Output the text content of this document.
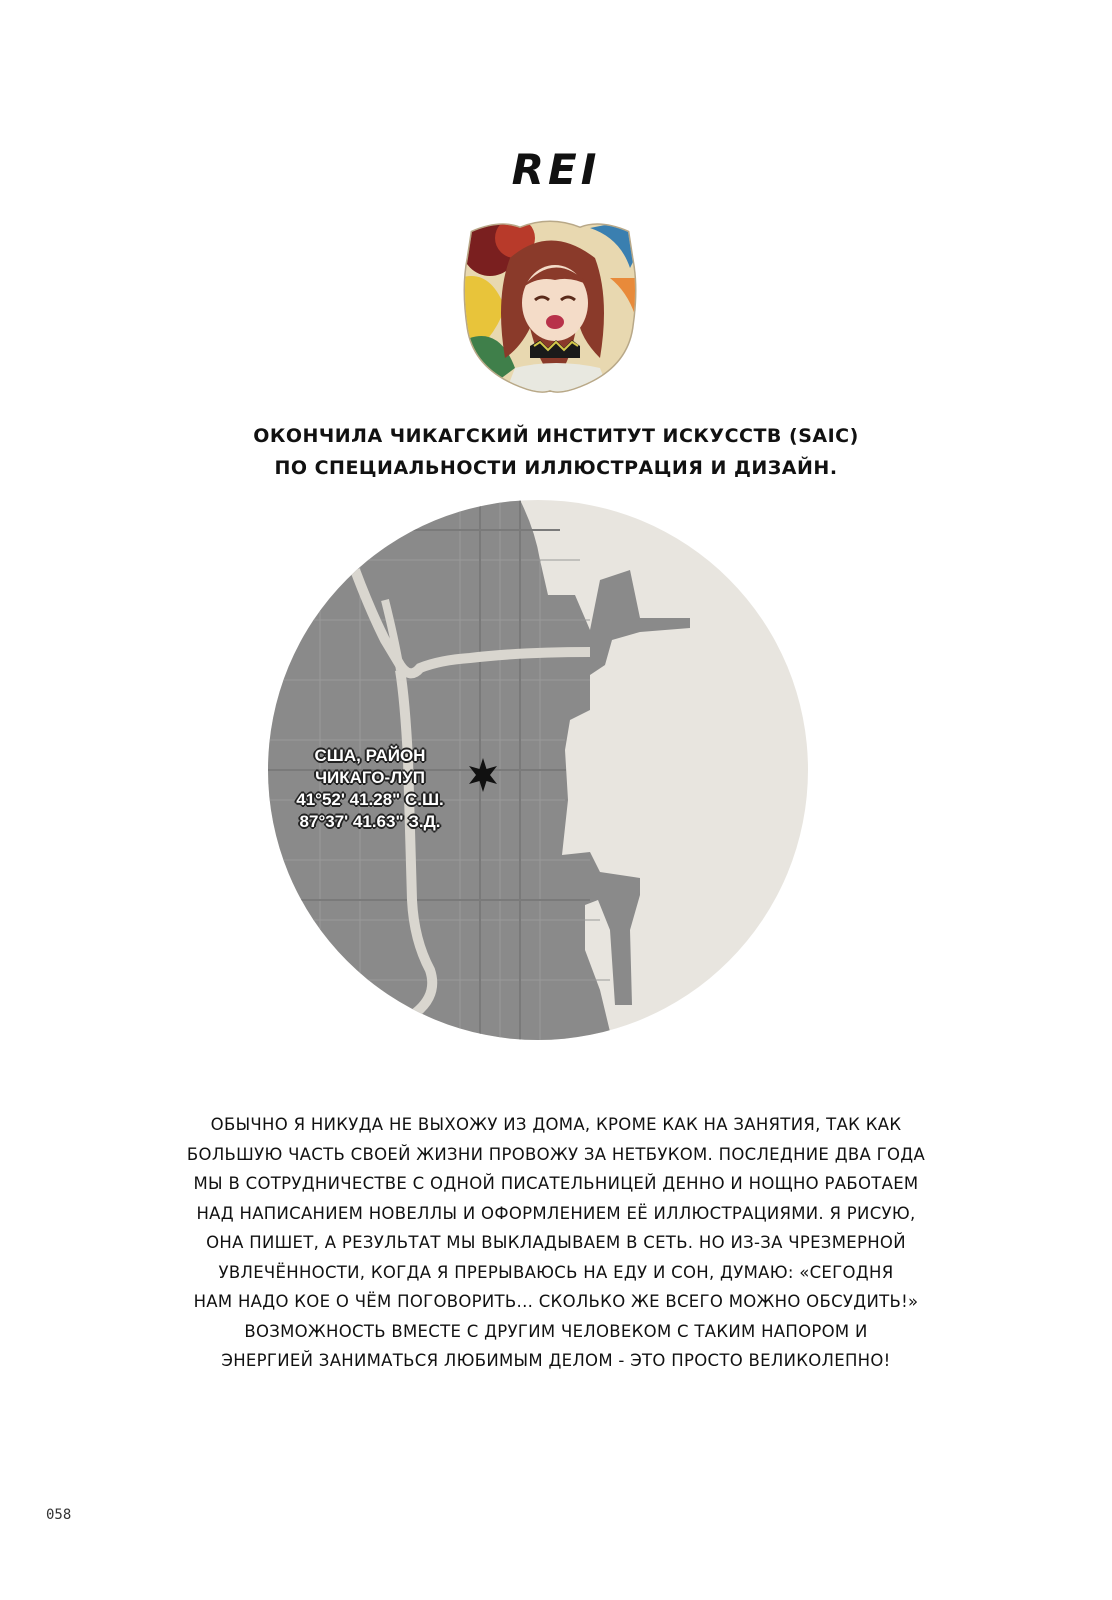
REI
ОКОНЧИЛА ЧИКАГСКИЙ ИНСТИТУТ ИСКУССТВ (SAIC)
ПО СПЕЦИАЛЬНОСТИ ИЛЛЮСТРАЦИЯ И ДИЗАЙН.
США, РАЙОН
ЧИКАГО-ЛУП
41°52' 41.28" С.Ш.
87°37' 41.63" З.Д.
ОБЫЧНО Я НИКУДА НЕ ВЫХОЖУ ИЗ ДОМА, КРОМЕ КАК НА ЗАНЯТИЯ, ТАК КАК
БОЛЬШУЮ ЧАСТЬ СВОЕЙ ЖИЗНИ ПРОВОЖУ ЗА НЕТБУКОМ. ПОСЛЕДНИЕ ДВА ГОДА
МЫ В СОТРУДНИЧЕСТВЕ С ОДНОЙ ПИСАТЕЛЬНИЦЕЙ ДЕННО И НОЩНО РАБОТАЕМ
НАД НАПИСАНИЕМ НОВЕЛЛЫ И ОФОРМЛЕНИЕМ ЕЁ ИЛЛЮСТРАЦИЯМИ. Я РИСУЮ,
ОНА ПИШЕТ, А РЕЗУЛЬТАТ МЫ ВЫКЛАДЫВАЕМ В СЕТЬ. НО ИЗ-ЗА ЧРЕЗМЕРНОЙ
УВЛЕЧЁННОСТИ, КОГДА Я ПРЕРЫВАЮСЬ НА ЕДУ И СОН, ДУМАЮ: «СЕГОДНЯ
НАМ НАДО КОЕ О ЧЁМ ПОГОВОРИТЬ... СКОЛЬКО ЖЕ ВСЕГО МОЖНО ОБСУДИТЬ!»
ВОЗМОЖНОСТЬ ВМЕСТЕ С ДРУГИМ ЧЕЛОВЕКОМ С ТАКИМ НАПОРОМ И
ЭНЕРГИЕЙ ЗАНИМАТЬСЯ ЛЮБИМЫМ ДЕЛОМ - ЭТО ПРОСТО ВЕЛИКОЛЕПНО!
058
